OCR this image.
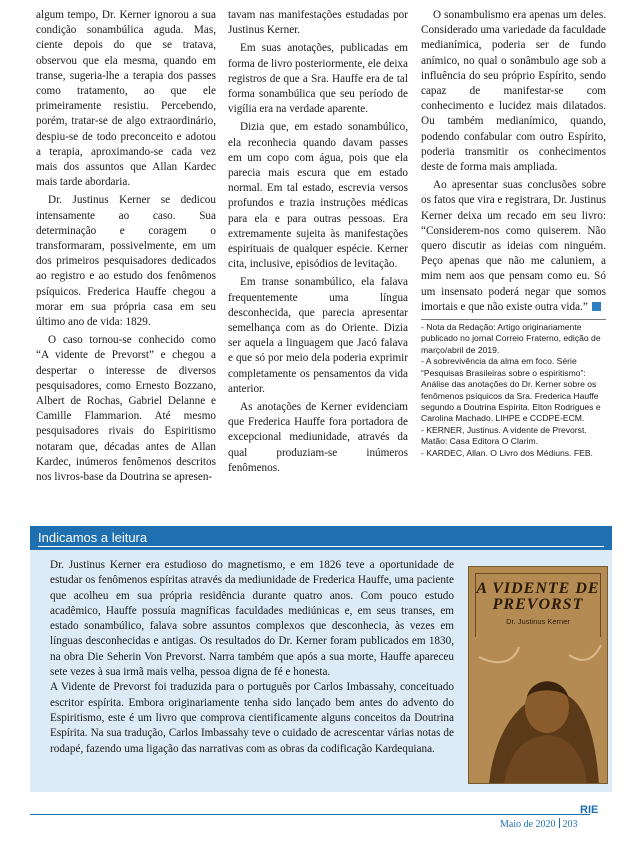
algum tempo, Dr. Kerner ignorou a sua condição sonambúlica aguda. Mas, ciente depois do que se tratava, observou que ela mesma, quando em transe, sugeria-lhe a terapia dos passes como tratamento, ao que ele primeiramente resistiu. Percebendo, porém, tratar-se de algo extraordinário, despiu-se de todo preconceito e adotou a terapia, aproximando-se cada vez mais dos assuntos que Allan Kardec mais tarde abordaria.

Dr. Justinus Kerner se dedicou intensamente ao caso. Sua determinação e coragem o transformaram, possivelmente, em um dos primeiros pesquisadores dedicados ao registro e ao estudo dos fenômenos psíquicos. Frederica Hauffe chegou a morar em sua própria casa em seu último ano de vida: 1829.

O caso tornou-se conhecido como “A vidente de Prevorst” e chegou a despertar o interesse de diversos pesquisadores, como Ernesto Bozzano, Albert de Rochas, Gabriel Delanne e Camille Flammarion. Até mesmo pesquisadores rivais do Espiritismo notaram que, décadas antes de Allan Kardec, inúmeros fenômenos descritos nos livros-base da Doutrina se apresen-

tavam nas manifestações estudadas por Justinus Kerner.

Em suas anotações, publicadas em forma de livro posteriormente, ele deixa registros de que a Sra. Hauffe era de tal forma sonambúlica que seu período de vigília era na verdade aparente.

Dizia que, em estado sonambúlico, ela reconhecia quando davam passes em um copo com água, pois que ela parecia mais escura que em estado normal. Em tal estado, escrevia versos profundos e trazia instruções médicas para ela e para outras pessoas. Era extremamente sujeita às manifestações espirituais de qualquer espécie. Kerner cita, inclusive, episódios de levitação.

Em transe sonambúlico, ela falava frequentemente uma língua desconhecida, que parecia apresentar semelhança com as do Oriente. Dizia ser aquela a linguagem que Jacó falava e que só por meio dela poderia exprimir completamente os pensamentos da vida anterior.

As anotações de Kerner evidenciam que Frederica Hauffe fora portadora de excepcional mediunidade, através da qual produziam-se inúmeros fenômenos.

O sonambulismo era apenas um deles. Considerado uma variedade da faculdade medianímica, poderia ser de fundo anímico, no qual o sonâmbulo age sob a influência do seu próprio Espírito, sendo capaz de manifestar-se com conhecimento e lucidez mais dilatados. Ou também medianímico, quando, podendo confabular com outro Espírito, poderia transmitir os conhecimentos deste de forma mais ampliada.

Ao apresentar suas conclusões sobre os fatos que vira e registrara, Dr. Justinus Kerner deixa um recado em seu livro: “Considerem-nos como quiserem. Não quero discutir as ideias com ninguém. Peço apenas que não me caluniem, a mim nem aos que pensam como eu. Só um insensato poderá negar que somos imortais e que não existe outra vida.”

- Nota da Redação: Artigo originariamente publicado no jornal Correio Fraterno, edição de março/abril de 2019.
- A sobrevivência da alma em foco. Série “Pesquisas Brasileiras sobre o espiritismo”: Análise das anotações do Dr. Kerner sobre os fenômenos psíquicos da Sra. Frederica Hauffe segundo a Doutrina Espírita. Elton Rodrigues e Carolina Machado. LIHPE e CCDPE-ECM.
- KERNER, Justinus. A vidente de Prevorst. Matão: Casa Editora O Clarim.
- KARDEC, Allan. O Livro dos Médiuns. FEB.
Indicamos a leitura

Dr. Justinus Kerner era estudioso do magnetismo, e em 1826 teve a oportunidade de estudar os fenômenos espíritas através da mediunidade de Frederica Hauffe, uma paciente que acolheu em sua própria residência durante quatro anos. Com pouco estudo acadêmico, Hauffe possuía magníficas faculdades mediúnicas e, em seus transes, em estado sonambúlico, falava sobre assuntos complexos que desconhecia, às vezes em línguas desconhecidas e antigas. Os resultados do Dr. Kerner foram publicados em 1830, na obra Die Seherin Von Prevorst. Narra também que após a sua morte, Hauffe apareceu sete vezes à sua irmã mais velha, pessoa digna de fé e honesta.

A Vidente de Prevorst foi traduzida para o português por Carlos Imbassahy, conceituado escritor espírita. Embora originariamente tenha sido lançado bem antes do advento do Espiritismo, este é um livro que comprova cientificamente alguns conceitos da Doutrina Espírita. Na sua tradução, Carlos Imbassahy teve o cuidado de acrescentar várias notas de rodapé, fazendo uma ligação das narrativas com as obras da codificação Kardequiana.

A VIDENTE DE
PREVORST
Dr. Justinus Kerner
RIE
Maio de 2020 203
